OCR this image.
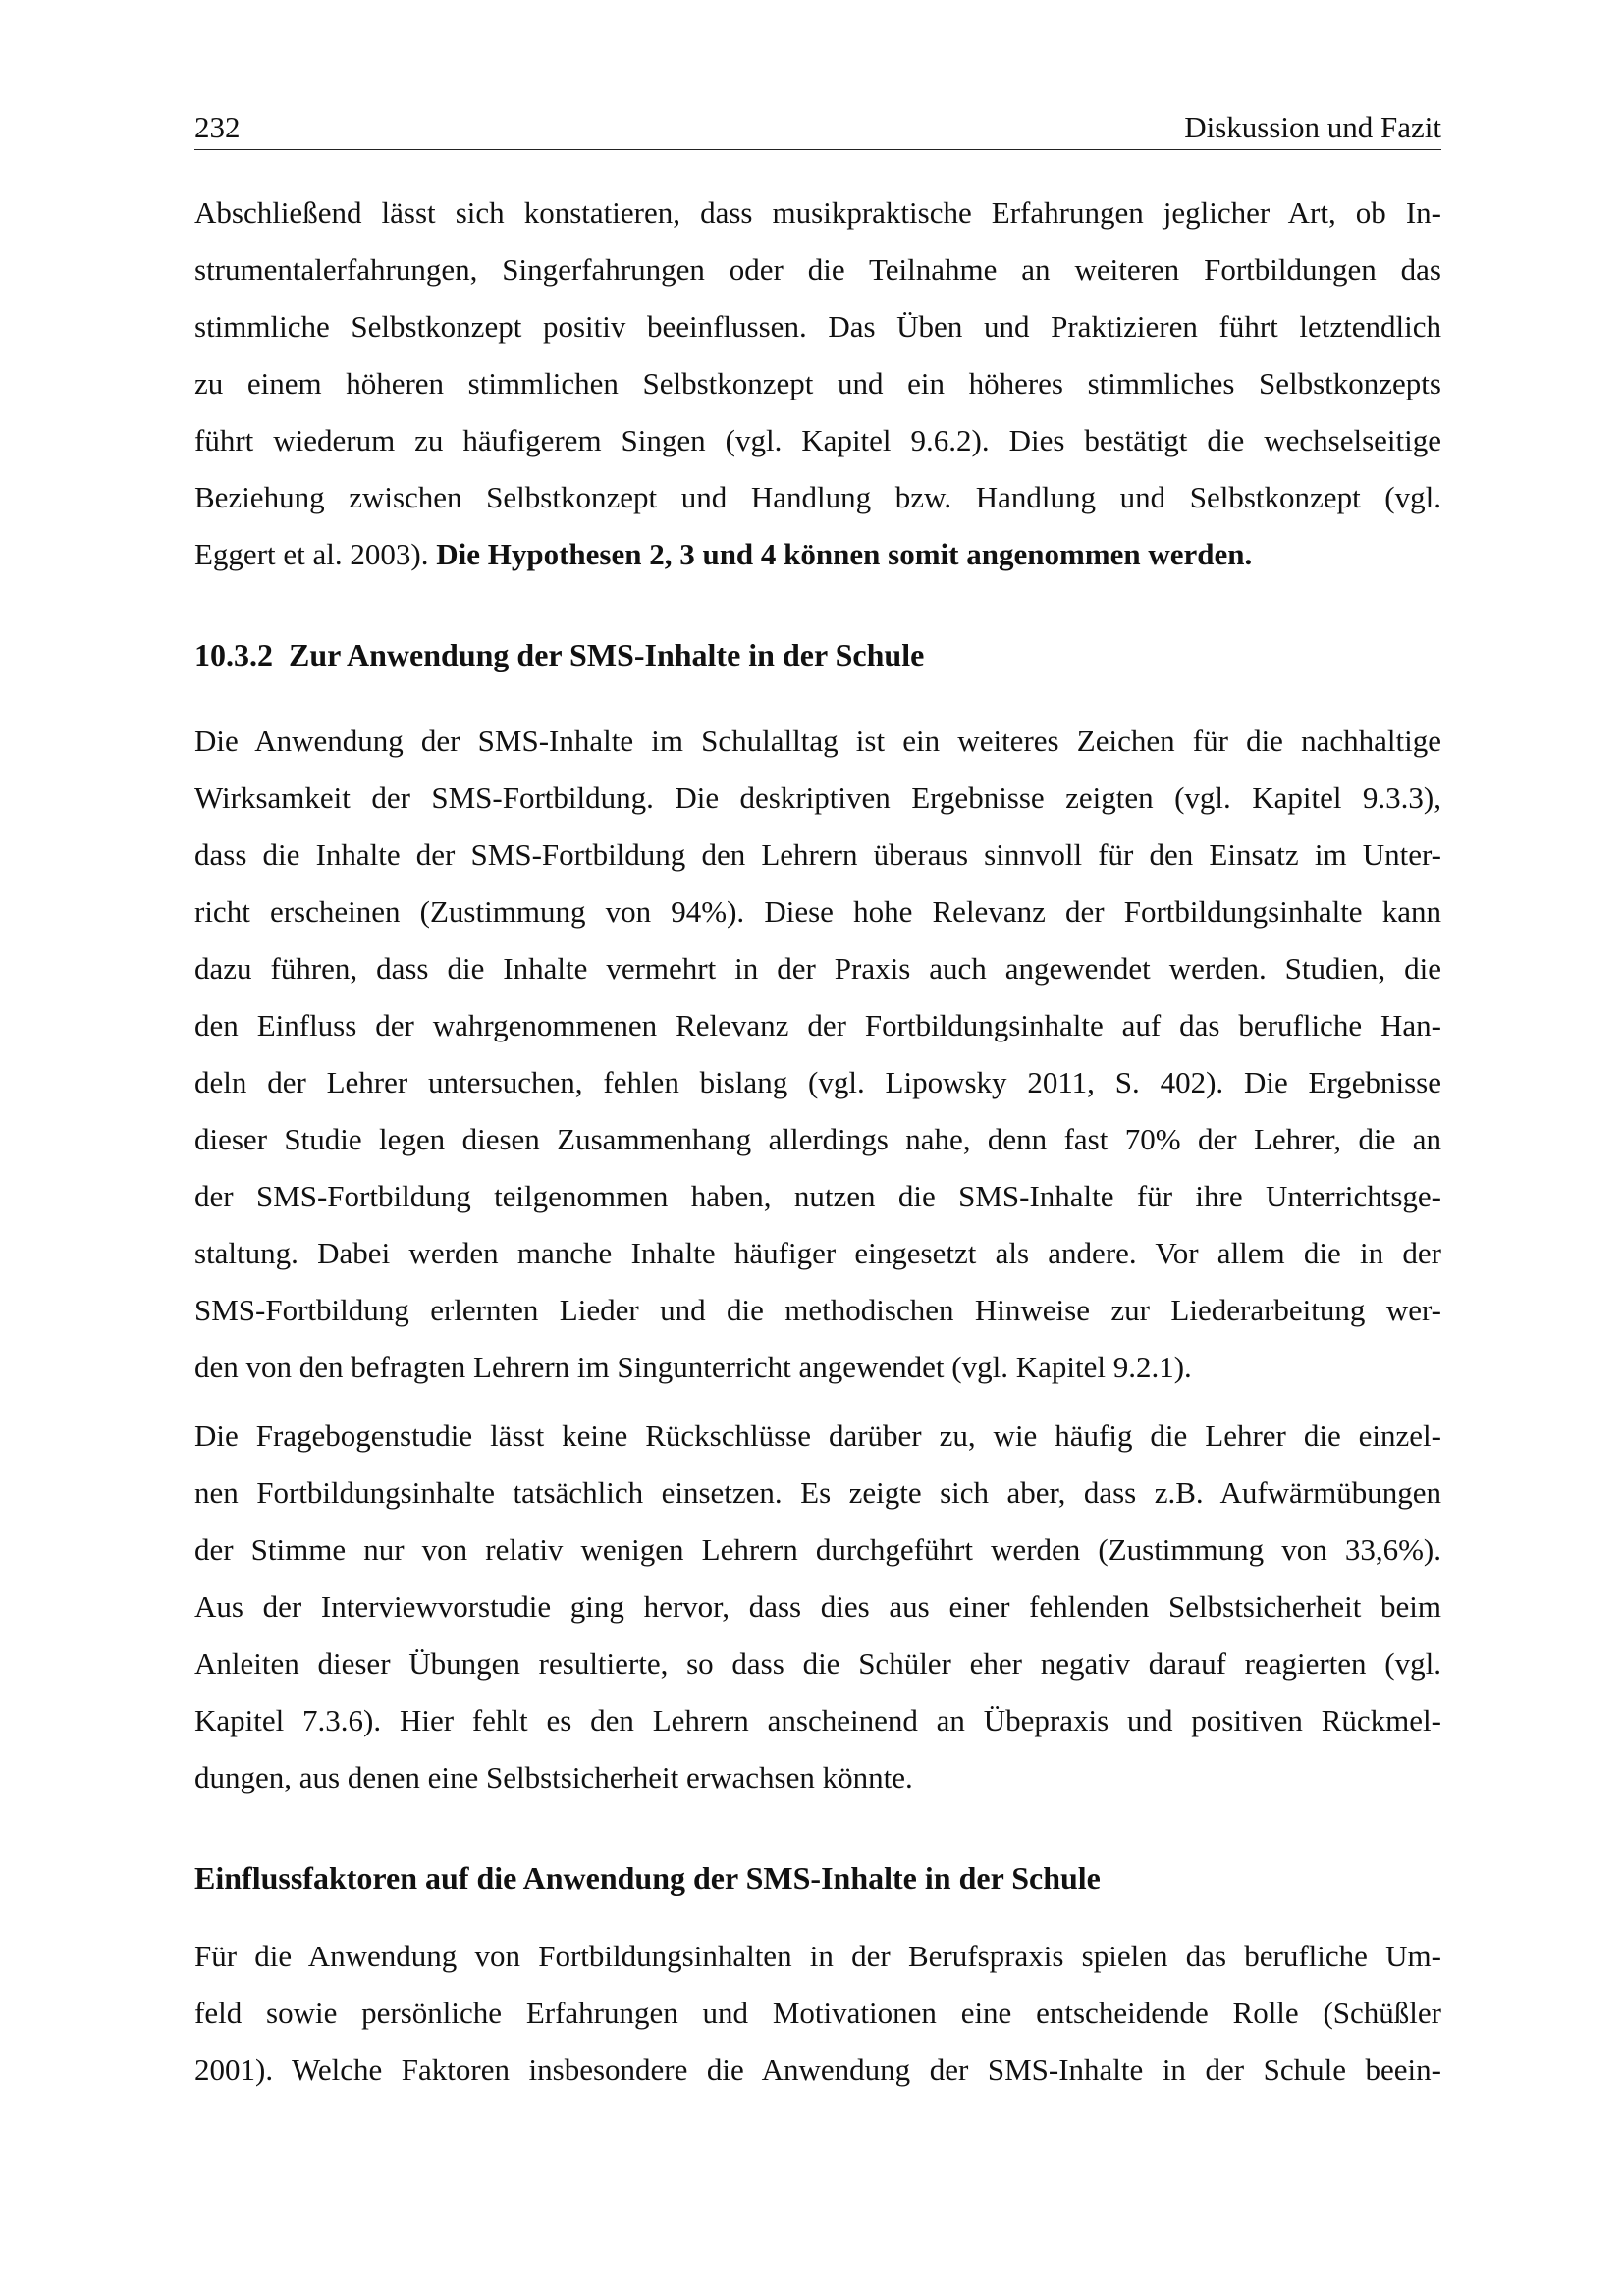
232	Diskussion und Fazit
Abschließend lässt sich konstatieren, dass musikpraktische Erfahrungen jeglicher Art, ob In-
strumentalerfahrungen, Singerfahrungen oder die Teilnahme an weiteren Fortbildungen das
stimmliche Selbstkonzept positiv beeinflussen. Das Üben und Praktizieren führt letztendlich
zu einem höheren stimmlichen Selbstkonzept und ein höheres stimmliches Selbstkonzepts
führt wiederum zu häufigerem Singen (vgl. Kapitel 9.6.2). Dies bestätigt die wechselseitige
Beziehung zwischen Selbstkonzept und Handlung bzw. Handlung und Selbstkonzept (vgl.
Eggert et al. 2003). Die Hypothesen 2, 3 und 4 können somit angenommen werden.
10.3.2  Zur Anwendung der SMS-Inhalte in der Schule
Die Anwendung der SMS-Inhalte im Schulalltag ist ein weiteres Zeichen für die nachhaltige
Wirksamkeit der SMS-Fortbildung. Die deskriptiven Ergebnisse zeigten (vgl. Kapitel 9.3.3),
dass die Inhalte der SMS-Fortbildung den Lehrern überaus sinnvoll für den Einsatz im Unter-
richt erscheinen (Zustimmung von 94%). Diese hohe Relevanz der Fortbildungsinhalte kann
dazu führen, dass die Inhalte vermehrt in der Praxis auch angewendet werden. Studien, die
den Einfluss der wahrgenommenen Relevanz der Fortbildungsinhalte auf das berufliche Han-
deln der Lehrer untersuchen, fehlen bislang (vgl. Lipowsky 2011, S. 402). Die Ergebnisse
dieser Studie legen diesen Zusammenhang allerdings nahe, denn fast 70% der Lehrer, die an
der SMS-Fortbildung teilgenommen haben, nutzen die SMS-Inhalte für ihre Unterrichtsge-
staltung. Dabei werden manche Inhalte häufiger eingesetzt als andere. Vor allem die in der
SMS-Fortbildung erlernten Lieder und die methodischen Hinweise zur Liederarbeitung wer-
den von den befragten Lehrern im Singunterricht angewendet (vgl. Kapitel 9.2.1).
Die Fragebogenstudie lässt keine Rückschlüsse darüber zu, wie häufig die Lehrer die einzel-
nen Fortbildungsinhalte tatsächlich einsetzen. Es zeigte sich aber, dass z.B. Aufwärmübungen
der Stimme nur von relativ wenigen Lehrern durchgeführt werden (Zustimmung von 33,6%).
Aus der Interviewvorstudie ging hervor, dass dies aus einer fehlenden Selbstsicherheit beim
Anleiten dieser Übungen resultierte, so dass die Schüler eher negativ darauf reagierten (vgl.
Kapitel 7.3.6). Hier fehlt es den Lehrern anscheinend an Übepraxis und positiven Rückmel-
dungen, aus denen eine Selbstsicherheit erwachsen könnte.
Einflussfaktoren auf die Anwendung der SMS-Inhalte in der Schule
Für die Anwendung von Fortbildungsinhalten in der Berufspraxis spielen das berufliche Um-
feld sowie persönliche Erfahrungen und Motivationen eine entscheidende Rolle (Schüßler
2001). Welche Faktoren insbesondere die Anwendung der SMS-Inhalte in der Schule beein-
